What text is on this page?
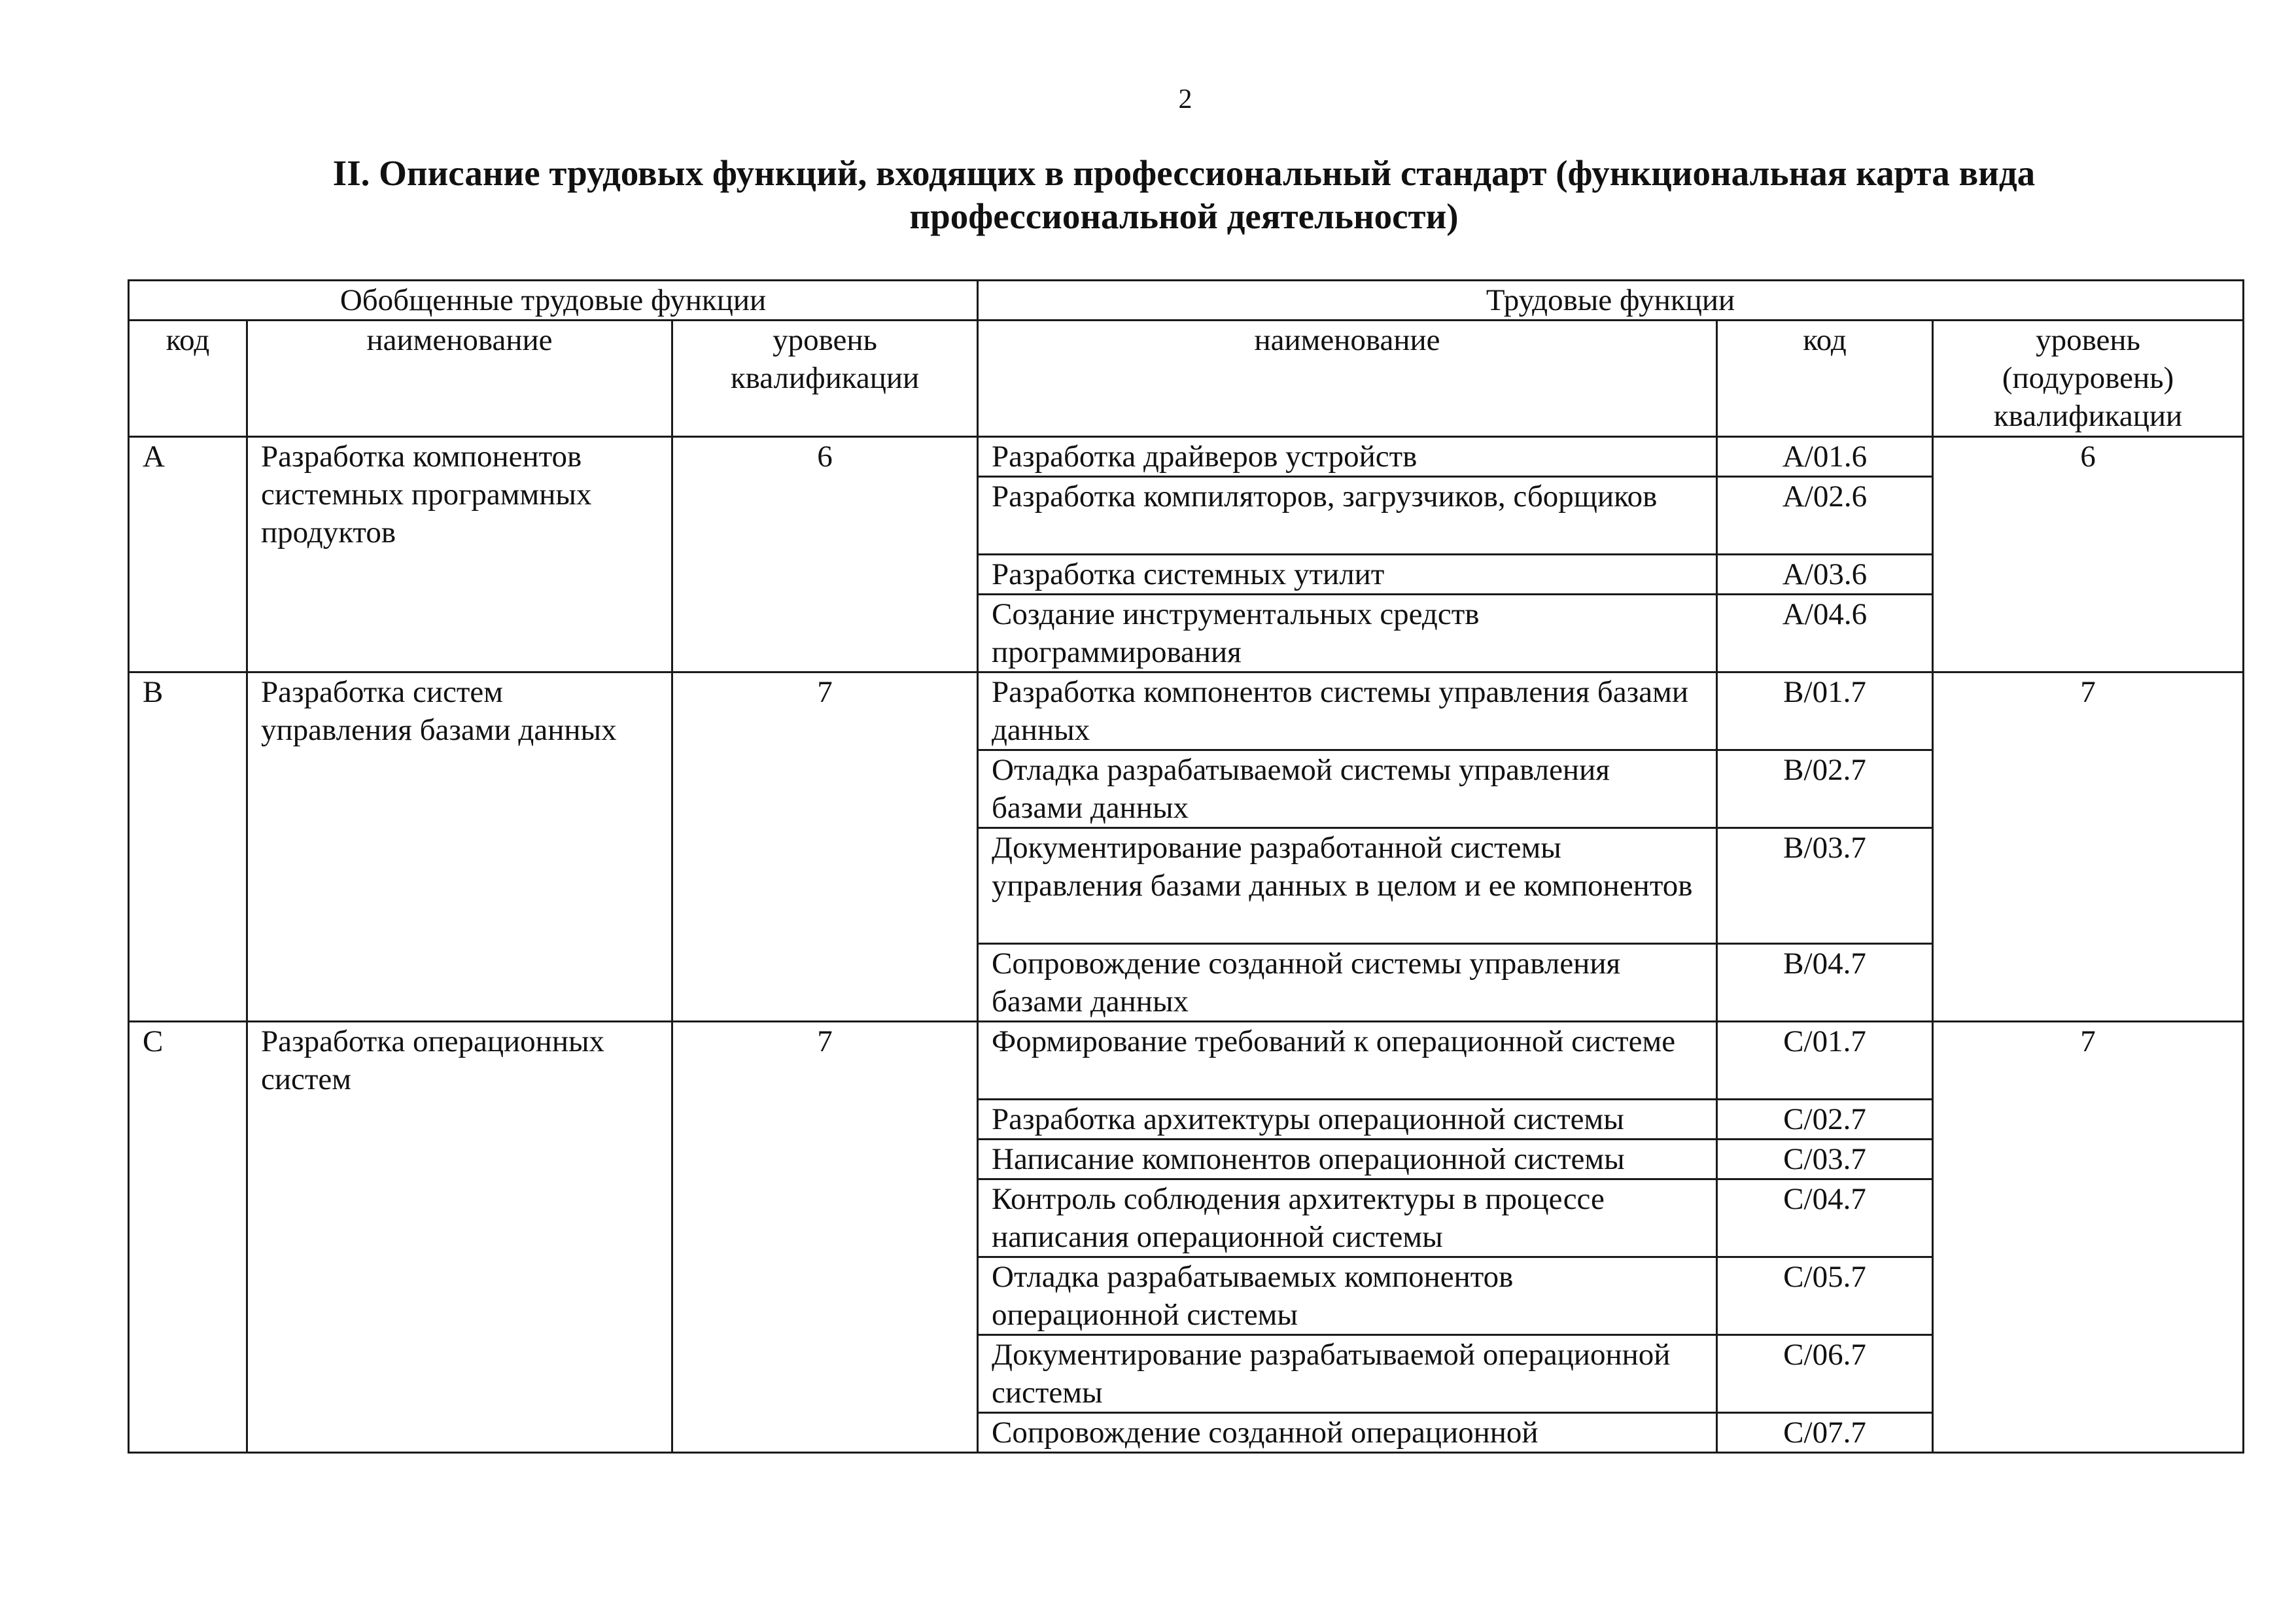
2
II. Описание трудовых функций, входящих в профессиональный стандарт (функциональная карта вида
профессиональной деятельности)
Обобщенные трудовые функции			Трудовые функции		
код	наименование	уровень квалификации	наименование	код	уровень (подуровень) квалификации
A	Разработка компонентов системных программных продуктов	6	Разработка драйверов устройств	A/01.6	6
			Разработка компиляторов, загрузчиков, сборщиков	A/02.6	
			Разработка системных утилит	A/03.6	
			Создание инструментальных средств программирования	A/04.6	
B	Разработка систем управления базами данных	7	Разработка компонентов системы управления базами данных	B/01.7	7
			Отладка разрабатываемой системы управления базами данных	B/02.7	
			Документирование разработанной системы управления базами данных в целом и ее компонентов	B/03.7	
			Сопровождение созданной системы управления базами данных	B/04.7	
C	Разработка операционных систем	7	Формирование требований к операционной системе	C/01.7	7
			Разработка архитектуры операционной системы	C/02.7	
			Написание компонентов операционной системы	C/03.7	
			Контроль соблюдения архитектуры в процессе написания операционной системы	C/04.7	
			Отладка разрабатываемых компонентов операционной системы	C/05.7	
			Документирование разрабатываемой операционной системы	C/06.7	
			Сопровождение созданной операционной	C/07.7	
